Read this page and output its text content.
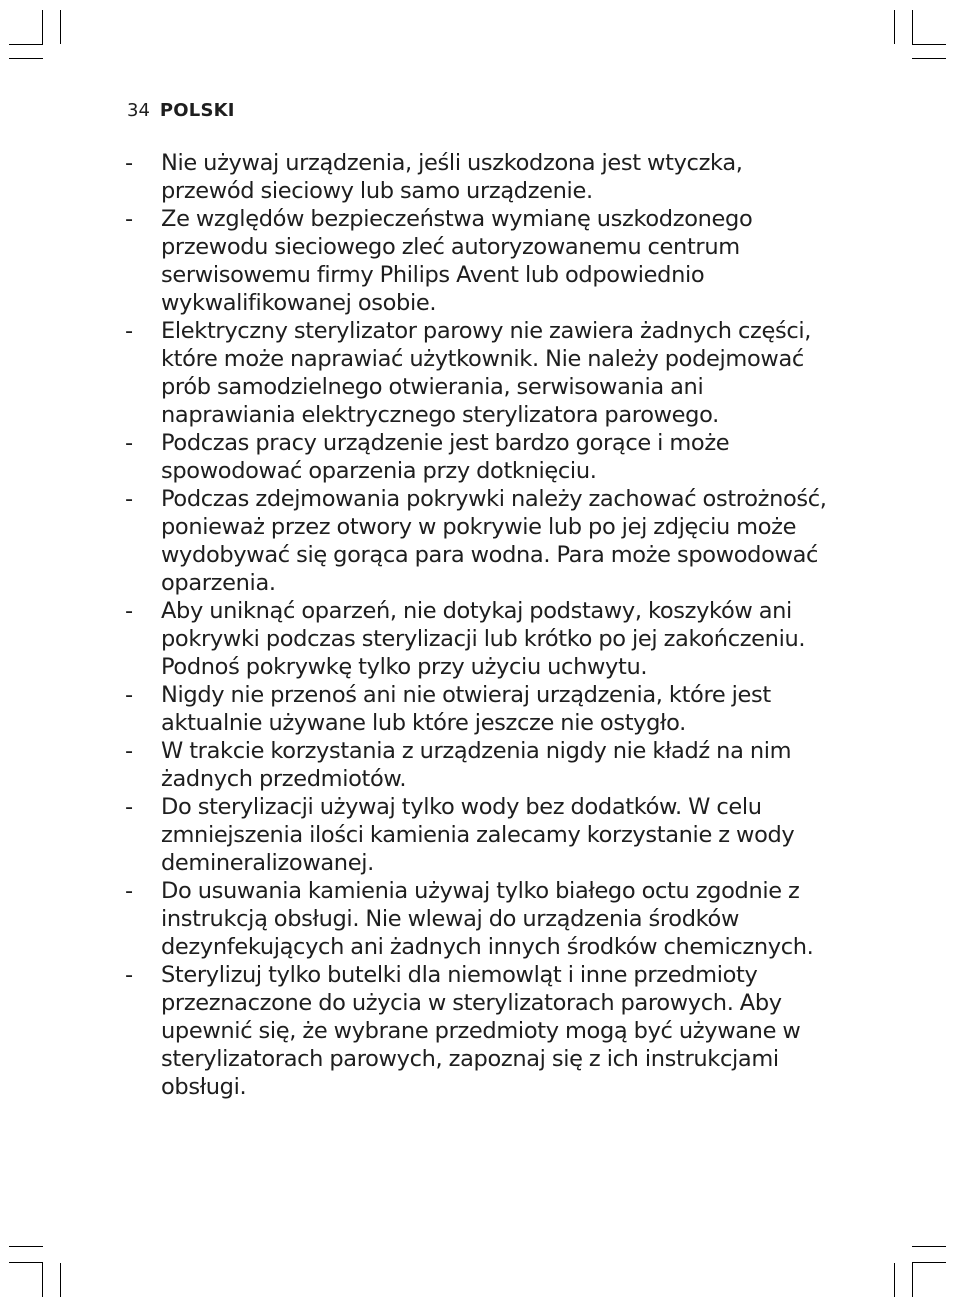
34 POLSKI
- Nie używaj urządzenia, jeśli uszkodzona jest wtyczka, przewód sieciowy lub samo urządzenie.
- Ze względów bezpieczeństwa wymianę uszkodzonego przewodu sieciowego zleć autoryzowanemu centrum serwisowemu firmy Philips Avent lub odpowiednio wykwalifikowanej osobie.
- Elektryczny sterylizator parowy nie zawiera żadnych części, które może naprawiać użytkownik. Nie należy podejmować prób samodzielnego otwierania, serwisowania ani naprawiania elektrycznego sterylizatora parowego.
- Podczas pracy urządzenie jest bardzo gorące i może spowodować oparzenia przy dotknięciu.
- Podczas zdejmowania pokrywki należy zachować ostrożność, ponieważ przez otwory w pokrywie lub po jej zdjęciu może wydobywać się gorąca para wodna. Para może spowodować oparzenia.
- Aby uniknąć oparzeń, nie dotykaj podstawy, koszyków ani pokrywki podczas sterylizacji lub krótko po jej zakończeniu. Podnoś pokrywkę tylko przy użyciu uchwytu.
- Nigdy nie przenoś ani nie otwieraj urządzenia, które jest aktualnie używane lub które jeszcze nie ostygło.
- W trakcie korzystania z urządzenia nigdy nie kładź na nim żadnych przedmiotów.
- Do sterylizacji używaj tylko wody bez dodatków. W celu zmniejszenia ilości kamienia zalecamy korzystanie z wody demineralizowanej.
- Do usuwania kamienia używaj tylko białego octu zgodnie z instrukcją obsługi. Nie wlewaj do urządzenia środków dezynfekujących ani żadnych innych środków chemicznych.
- Sterylizuj tylko butelki dla niemowląt i inne przedmioty przeznaczone do użycia w sterylizatorach parowych. Aby upewnić się, że wybrane przedmioty mogą być używane w sterylizatorach parowych, zapoznaj się z ich instrukcjami obsługi.
